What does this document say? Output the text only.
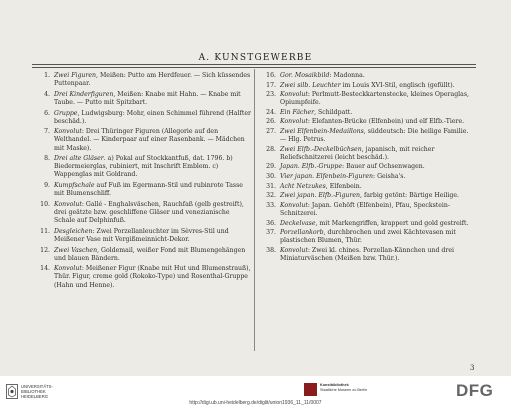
A. KUNSTGEWERBE
1. Zwei Figuren, Meißen: Putto am Herdfeuer. — Sich küssendes Puttenpaar.
4. Drei Kinderfiguren, Meißen: Knabe mit Hahn. — Knabe mit Taube. — Putto mit Spitzbart.
6. Gruppe, Ludwigsburg: Mohr, einen Schimmel führend (Halfter beschäd.).
7. Konvolut: Drei Thüringer Figuren (Allegorie auf den Welthandel. — Kinderpaar auf einer Rasenbank. — Mädchen mit Maske).
8. Drei alte Gläser. a) Pokal auf Stockkantfuß, dat. 1796. b) Biedermeierglas, rubiniert, mit Inschrift Emblem. c) Wappenglas mit Goldrand.
9. Kumpfschale auf Fuß im Egermann-Stil und rubinrote Tasse mit Blumenschliff.
10. Konvolut: Gallé - Enghalsväschen, Rauchfaß (gelb gestreift), drei geätzte bzw. geschliffene Gläser und venezianische Schale auf Delphinfuß.
11. Desgleichen: Zwei Porzellanleuchter im Sèvres-Stil und Meißener Vase mit Vergißmeinnicht-Dekor.
12. Zwei Vaschen, Goldemail, weißer Fond mit Blumengehängen und blauen Bändern.
14. Konvolut: Meißener Figur (Knabe mit Hut und Blumenstrauß), Thür. Figur, creme gold (Rokoko-Type) und Rosenthal-Gruppe (Hahn und Henne).
16. Gor. Mosaikbild: Madonna.
17. Zwei silb. Leuchter im Louis XVI-Stil, englisch (gefüllt).
23. Konvolut: Perlmutt-Besteckkartenstecke, kleines Operaglas, Opiumpfeife.
24. Ein Fächer, Schildpatt.
26. Konvolut: Elefanten-Brücke (Elfenbein) und elf Elfb.-Tiere.
27. Zwei Elfenbein-Medaillons, süddeutsch: Die heilige Familie. — Hlg. Petrus.
28. Zwei Elfb.-Deckelbüchsen, japanisch, mit reicher Reliefschnitzerei (leicht beschäd.).
29. Japan. Elfb.-Gruppe: Bauer auf Ochsenwagen.
30. Vier japan. Elfenbein-Figuren: Geisha's.
31. Acht Netzukes, Elfenbein.
32. Zwei japan. Elfb.-Figuren, farbig getönt: Bärtige Heilige.
33. Konvolut: Japan. Gehöft (Elfenbein), Pfau, Speckstein-Schnitzerei.
36. Deckelvase, mit Markengriffen, krappert und gold gestreift.
37. Porzellankorb, durchbrochen und zwei Kächtevasen mit plastischen Blumen, Thür.
38. Konvolut: Zwei kl. chines. Porzellan-Kännchen und drei Miniaturväschen (Meißen bzw. Thür.).
3
UNIVERSITÄTS-
BIBLIOTHEK
HEIDELBERG
Kunstbibliothek
Staatliche Museen zu Berlin	DFG
http://digi.ub.uni-heidelberg.de/diglit/union1936_11_11/0007
